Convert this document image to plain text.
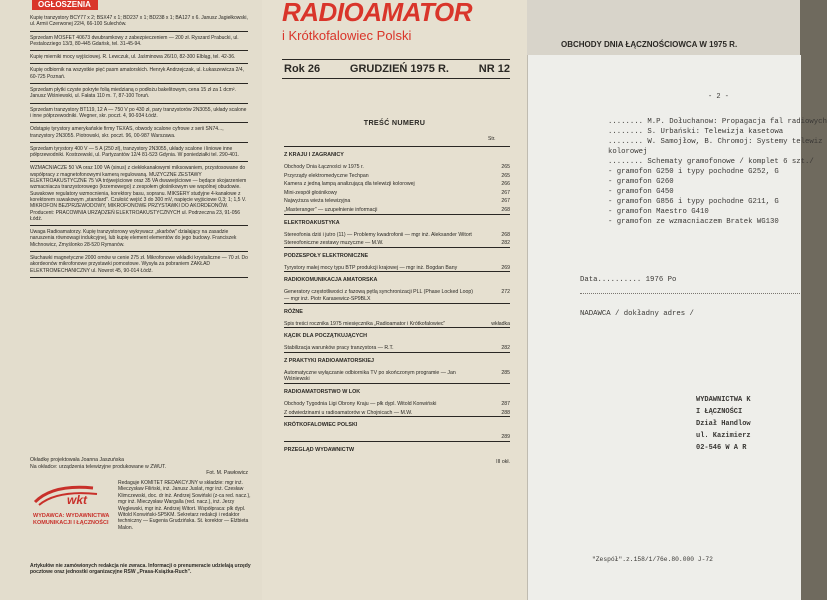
OGŁOSZENIA
Kupię tranzystory BCY77 x 2; BSX47 x 1; BD237 x 1; BD238 x 1; BA127 x 6. Janusz Jagiełkowski, ul. Armii Czerwonej 22/4, 66-100 Sulechów.
Sprzedam MOSFET 40673 dwubramkowy z zabezpieczeniem — 200 zł. Ryszard Prabucki, ul. Pestalozziego 13/3, 80-445 Gdańsk, tel. 31-45-94.
Kupię mierniki mocy wyjściowej. R. Lewczuk, ul. Jaśminowa 26/10, 82-300 Elbląg, tel. 42-36.
Kupię odbiornik na wszystkie pięć pasm amatorskich. Henryk Andrzejczak, ul. Łukaszewicza 2/4, 60-725 Poznań.
Sprzedam płytki czyste pokryte folią miedzianą o podłożu bakelitowym, cena 15 zł za 1 dcm². Janusz Wiśniewski, ul. Fałata 110 m. 7, 87-100 Toruń.
Sprzedam tranzystory BT119, 12 A — 750 V po 430 zł, pary tranzystorów 2N3055, układy scalone i inne półprzewodniki. Wegner, skr. poczt. 4, 90-934 Łódź.
Odstąpię tyrystory amerykańskie firmy TEXAS, obwody scalone cyfrowe z serii SN74..., tranzystory 2N3055. Piotrowski, skr. poczt. 96, 00-987 Warszawa.
Sprzedam tyrystory 400 V — 5 A (250 zł), tranzystory 2N3055, układy scalone i liniowe inne półprzewodniki. Kostrzewski, ul. Partyzantów 12/4 81-523 Gdynia. W poniedziałki tel. 290-401.
WZMACNIACZE 50 VA oraz 100 VA (sinus) z ciekłokanałowymi miksowaniem, przystosowane do współpracy z magnetofonowymi kamerą regulowaną. MUZYCZNE ZESTAWY ELEKTROAKUSTYCZNE 75 VA trójwejściowe oraz 35 VA dwuwejściowe — będące skojarzeniem wzmacniacza tranzystorowego (krzemowego) z zespołem głośnikowym we wspólnej obudowie. Suwakowe regulatory wzmocnienia, korektory basu, sopranu. MIKSERY studyjne 4-kanałowe z korektorem suwakowym „standard”. Czułość wejść 3 do 300 mV, napięcie wyjściowe 0,3; 1; 1,5 V. MIKROFON BEZPRZEWODOWY, MIKROFONOWE PRZYSTAWKI DO AKORDEONÓW. Producent: PRACOWNIA URZĄDZEŃ ELEKTROAKUSTYCZNYCH ul. Podrzeczna 23, 91-056 Łódź.
Uwaga Radioamatorzy. Kupię tranzystorowy wykrywacz „skarbów” działający na zasadzie naruszenia równowagi indukcyjnej, lub kupię element elementów do jego budowy. Franciszek Michnowicz, Zmyślonko 28-520 Rymanów.
Słuchawki magnetyczne 2000 omów w cenie 275 zł. Mikrofonowe wkładki krystaliczne — 70 zł. Do akordeonów mikrofonowe przystawki pomostowe. Wysyła za pobraniem ZAKŁAD ELEKTROMECHANICZNY ul. Nowrot 45, 90-014 Łódź.
Okładkę projektowała Joanna Jaszuńska
Na okładce: urządzenia telewizyjne produkowane w ZWUT.
Fot. M. Pawłowicz
wkt
WYDAWCA: WYDAWNICTWA KOMUNIKACJI I ŁĄCZNOŚCI
Redaguje KOMITET REDAKCYJNY w składzie: mgr inż. Mieczysław Filiński, inż. Janusz Juslat, mgr inż. Czesław Klimczewski, doc. dr inż. Andrzej Sowiński (z-ca red. nacz.), mgr inż. Mieczysław Wargalla (red. nacz.), inż. Jerzy Węglewski, mgr inż. Andrzej Witort. Współpraca: plk dypl. Witold Konwiński-SP5KM. Sekretarz redakcji i redaktor techniczny — Eugenia Grudzińska. St. korektor — Elżbieta Malon.
Artykułów nie zamówionych redakcja nie zwraca. Informacji o prenumeracie udzielają urzędy pocztowe oraz jednostki organizacyjne RSW „Prasa-Książka-Ruch”.
RADIOAMATOR
i Krótkofalowiec Polski
Rok 26	GRUDZIEŃ 1975 R.	NR 12
TREŚĆ NUMERU
Str.
Z KRAJU I ZAGRANICY
Obchody Dnia Łączności w 1975 r.	265
Przyrządy elektromedyczne Techpan	265
Kamera z jedną lampą analizującą dla telewizji kolorowej	266
Mini-zespół głośnikowy	267
Najwyższa wieża telewizyjna	267
„Masteranger” — uzupełnienie informacji	268
ELEKTROAKUSTYKA
Stereofonia dziś i jutro (11) — Problemy kwadrofonii — mgr inż. Aleksander Witort	268
Stereofoniczne zestawy muzyczne — M.W.	282
PODZESPOŁY ELEKTRONICZNE
Tyrystory małej mocy typu BTP produkcji krajowej — mgr inż. Bogdan Bany	269
RADIOKOMUNIKACJA AMATORSKA
Generatory częstotliwości z fazową pętlą synchronizacji PLL (Phase Locked Loop) — mgr inż. Piotr Karasewicz-SP9BLX
272
RÓŻNE
Spis treści rocznika 1975 miesięcznika „Radioamator i Krótkofalowiec”	wkładka
KĄCIK DLA POCZĄTKUJĄCYCH
Stabilizacja warunków pracy tranzystora — R.T.	282
Z PRAKTYKI RADIOAMATORSKIEJ
Automatyczne wyłączanie odbiornika TV po skończonym programie — Jan Wiśniewski
285
RADIOAMATORSTWO W LOK
Obchody Tygodnia Ligi Obrony Kraju — płk dypl. Witold Konwiński	287
Z odwiedzinami u radioamatorów w Chojnicach — M.W.	288
KRÓTKOFALOWIEC POLSKI
289
PRZEGLĄD WYDAWNICTW
III okł.
OBCHODY DNIA ŁĄCZNOŚCIOWCA W 1975 R.
- 2 -
........ M.P. Dołuchanow: Propagacja fal radiowych
........ S. Urbański: Telewizja kasetowa
........ W. Samojłow, B. Chromoj: Systemy telewiz
kolorowej
........ Schematy gramofonowe / komplet 6 szt./
- gramofon G250 i typy pochodne G252, G
- gramofon G260
- gramofon G450
- gramofon G856 i typy pochodne G211, G
- gramofon Maestro G410
- gramofon ze wzmacniaczem Bratek WG130
Data.......... 1976 Po
NADAWCA / dokładny adres /
WYDAWNICTWA K
I ŁĄCZNOŚCI
Dział Handlow
ul. Kazimierz
02-546 W A R
"Zespół".z.158/1/76e.80.000 J-72
